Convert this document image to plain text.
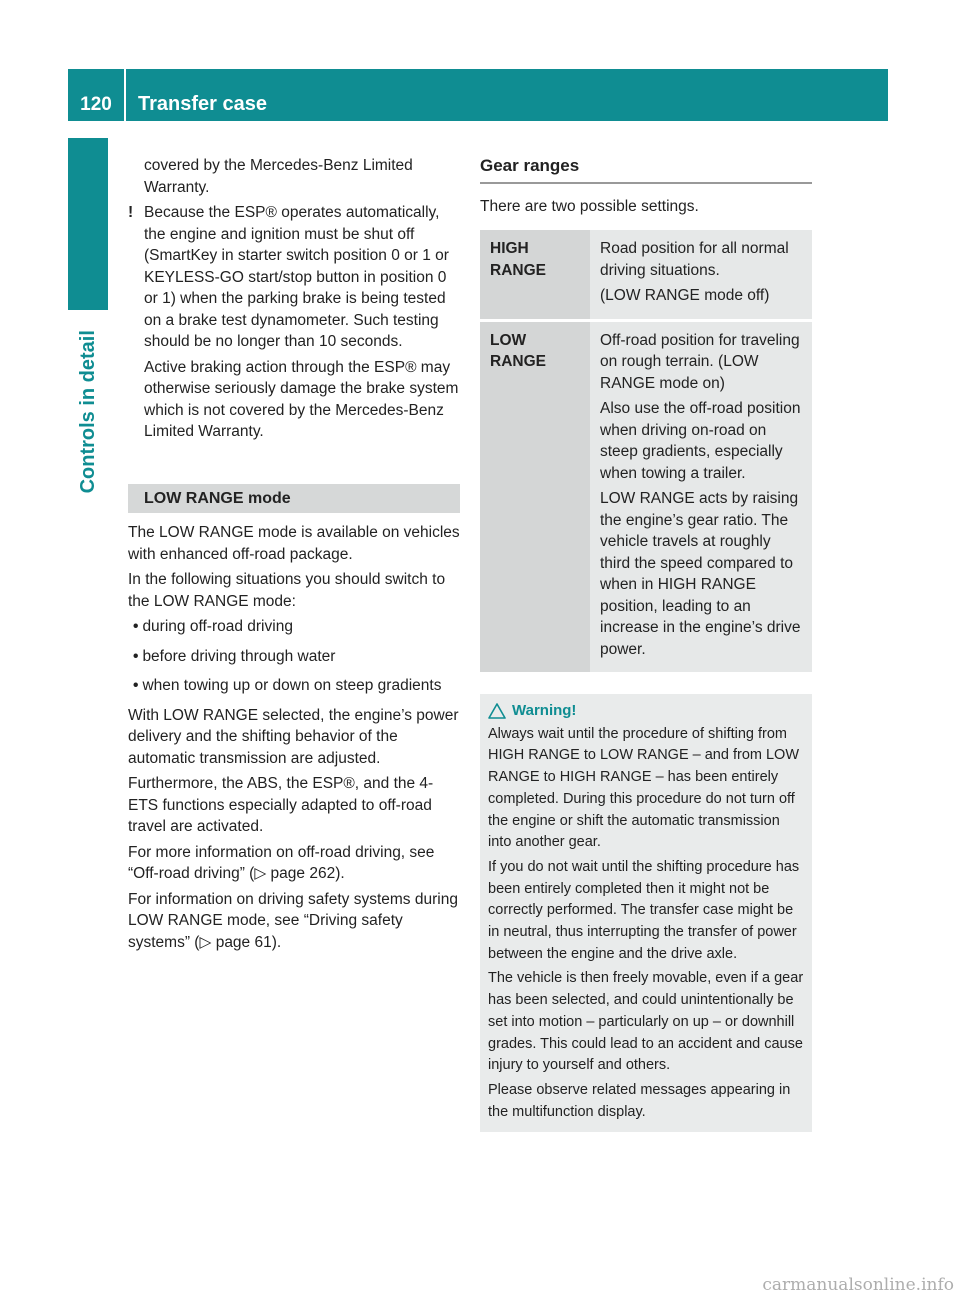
120	Transfer case
Controls in detail

covered by the Mercedes-Benz Limited Warranty.

! Because the ESP® operates automatically, the engine and ignition must be shut off (SmartKey in starter switch position 0 or 1 or KEYLESS-GO start/stop button in position 0 or 1) when the parking brake is being tested on a brake test dynamometer. Such testing should be no longer than 10 seconds.

Active braking action through the ESP® may otherwise seriously damage the brake system which is not covered by the Mercedes-Benz Limited Warranty.

LOW RANGE mode

The LOW RANGE mode is available on vehicles with enhanced off-road package.

In the following situations you should switch to the LOW RANGE mode:

• during off-road driving
• before driving through water
• when towing up or down on steep gradients

With LOW RANGE selected, the engine’s power delivery and the shifting behavior of the automatic transmission are adjusted.

Furthermore, the ABS, the ESP®, and the 4-ETS functions especially adapted to off-road travel are activated.

For more information on off-road driving, see “Off-road driving” (▷ page 262).

For information on driving safety systems during LOW RANGE mode, see “Driving safety systems” (▷ page 61).

Gear ranges

There are two possible settings.

HIGH RANGE	Road position for all normal driving situations.

(LOW RANGE mode off)

LOW RANGE	Off-road position for traveling on rough terrain. (LOW RANGE mode on)

Also use the off-road position when driving on-road on steep gradients, especially when towing a trailer.

LOW RANGE acts by raising the engine’s gear ratio. The vehicle travels at roughly third the speed compared to when in HIGH RANGE position, leading to an increase in the engine’s drive power.

Warning!

Always wait until the procedure of shifting from HIGH RANGE to LOW RANGE – and from LOW RANGE to HIGH RANGE – has been entirely completed. During this procedure do not turn off the engine or shift the automatic transmission into another gear.

If you do not wait until the shifting procedure has been entirely completed then it might not be correctly performed. The transfer case might be in neutral, thus interrupting the transfer of power between the engine and the drive axle.

The vehicle is then freely movable, even if a gear has been selected, and could unintentionally be set into motion – particularly on up – or downhill grades. This could lead to an accident and cause injury to yourself and others.

Please observe related messages appearing in the multifunction display.

carmanualsonline.info
